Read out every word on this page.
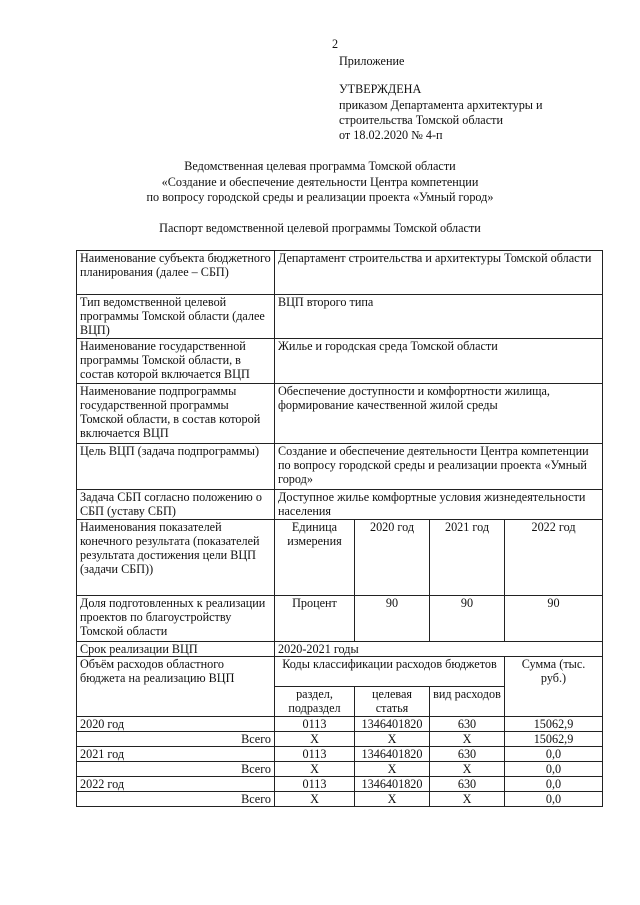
2
Приложение
УТВЕРЖДЕНА
приказом Департамента архитектуры и
строительства Томской области
от 18.02.2020 № 4-п
Ведомственная целевая программа Томской области
«Создание и обеспечение деятельности Центра компетенции
по вопросу городской среды и реализации проекта «Умный город»
Паспорт ведомственной целевой программы Томской области
Наименование субъекта бюджетного планирования (далее – СБП)	Департамент строительства и архитектуры Томской области			
Тип ведомственной целевой программы Томской области (далее ВЦП)	ВЦП второго типа			
Наименование государственной программы Томской области, в состав которой включается ВЦП	Жилье и городская среда Томской области			
Наименование подпрограммы государственной программы Томской области, в состав которой включается ВЦП	Обеспечение доступности и комфортности жилища, формирование качественной жилой среды			
Цель ВЦП (задача подпрограммы)	Создание и обеспечение деятельности Центра компетенции по вопросу городской среды и реализации проекта «Умный город»			
Задача СБП согласно положению о СБП (уставу СБП)	Доступное жилье комфортные условия жизнедеятельности населения			
Наименования показателей конечного результата (показателей результата достижения цели ВЦП (задачи СБП))	Единица измерения	2020 год	2021 год	2022 год
Доля подготовленных к реализации проектов по благоустройству Томской области	Процент	90	90	90
Срок реализации ВЦП	2020-2021 годы			
Объём расходов областного бюджета на реализацию ВЦП	Коды классификации расходов бюджетов			Сумма (тыс. руб.)
	раздел, подраздел	целевая статья	вид расходов	
2020 год	0113	1346401820	630	15062,9
Всего	Х	Х	Х	15062,9
2021 год	0113	1346401820	630	0,0
Всего	Х	Х	Х	0,0
2022 год	0113	1346401820	630	0,0
Всего	Х	Х	Х	0,0
